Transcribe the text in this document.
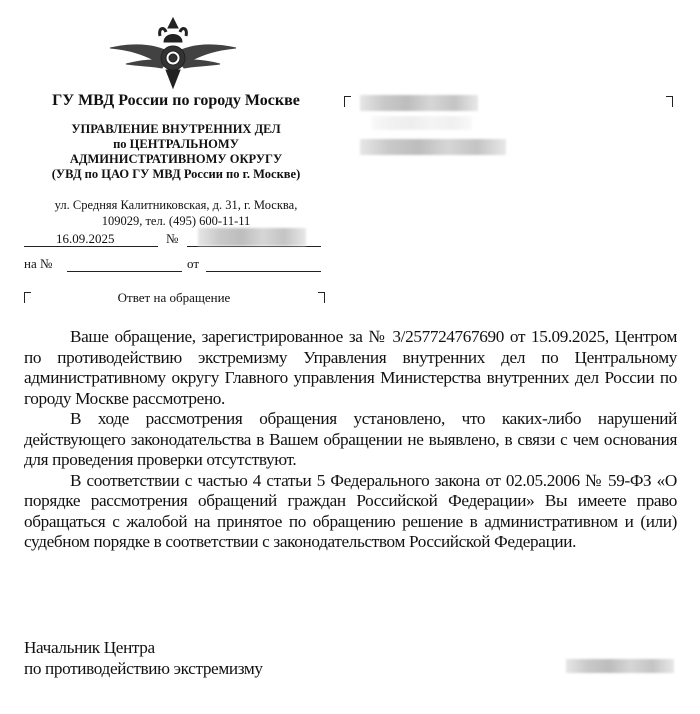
ГУ МВД России по городу Москве
УПРАВЛЕНИЕ ВНУТРЕННИХ ДЕЛ
по ЦЕНТРАЛЬНОМУ
АДМИНИСТРАТИВНОМУ ОКРУГУ
(УВД по ЦАО ГУ МВД России по г. Москве)
ул. Средняя Калитниковская, д. 31, г. Москва,
109029, тел. (495) 600-11-11
16.09.2025	№
на №	от
Ответ на обращение

Ваше обращение, зарегистрированное за № 3/257724767690 от 15.09.2025, Центром по противодействию экстремизму Управления внутренних дел по Центральному административному округу Главного управления Министерства внутренних дел России по городу Москве рассмотрено.

В ходе рассмотрения обращения установлено, что каких-либо нарушений действующего законодательства в Вашем обращении не выявлено, в связи с чем основания для проведения проверки отсутствуют.

В соответствии с частью 4 статьи 5 Федерального закона от 02.05.2006 № 59-ФЗ «О порядке рассмотрения обращений граждан Российской Федерации» Вы имеете право обращаться с жалобой на принятое по обращению решение в административном и (или) судебном порядке в соответствии с законодательством Российской Федерации.

Начальник Центра
по противодействию экстремизму
